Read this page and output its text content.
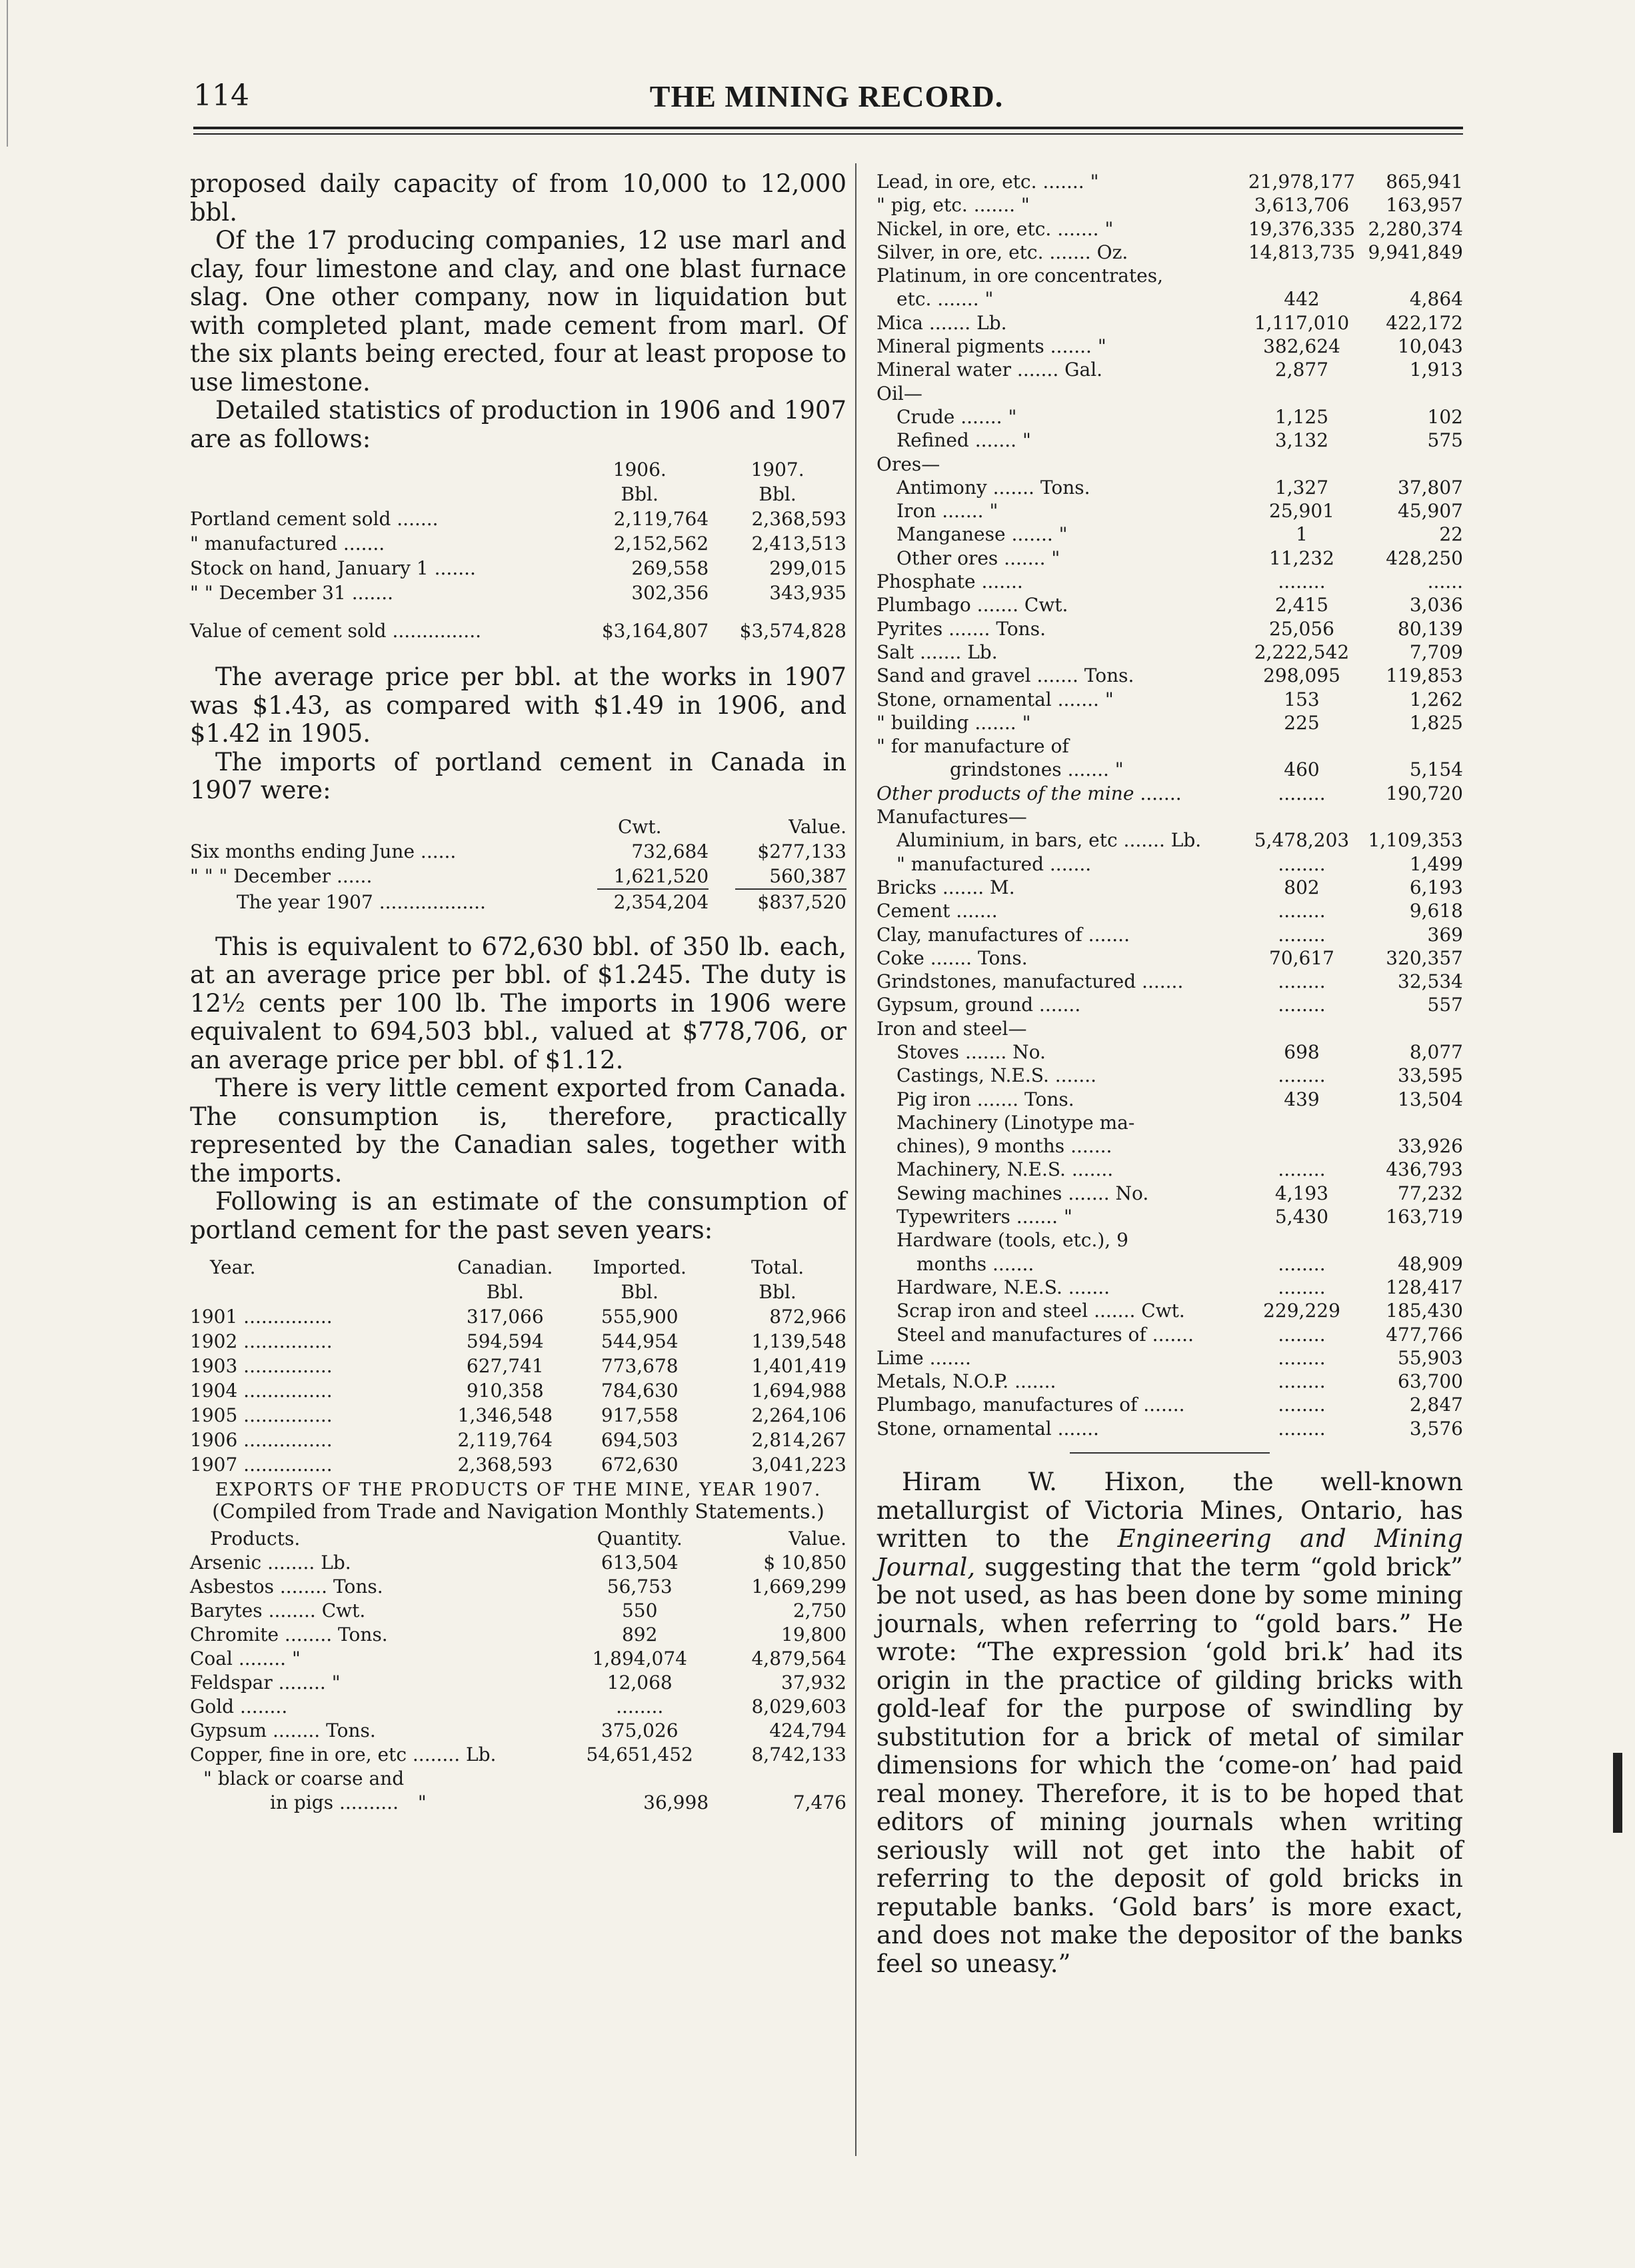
114	THE MINING RECORD.

proposed daily capacity of from 10,000 to 12,000 bbl.

Of the 17 producing companies, 12 use marl and clay, four limestone and clay, and one blast furnace slag. One other company, now in liquidation but with completed plant, made cement from marl. Of the six plants being erected, four at least propose to use limestone.

Detailed statistics of production in 1906 and 1907 are as follows:

	1906.	1907.
	Bbl.	Bbl.
Portland cement sold .......	2,119,764	2,368,593
" manufactured .......	2,152,562	2,413,513
Stock on hand, January 1 .......	269,558	299,015
" " December 31 .......	302,356	343,935

Value of cement sold ...............	$3,164,807	$3,574,828

The average price per bbl. at the works in 1907 was $1.43, as compared with $1.49 in 1906, and $1.42 in 1905.

The imports of portland cement in Canada in 1907 were:

	Cwt.	Value.
Six months ending June ......	732,684	$277,133
" " " December ......	1,621,520	560,387

The year 1907 ..................	2,354,204	$837,520

This is equivalent to 672,630 bbl. of 350 lb. each, at an average price per bbl. of $1.245. The duty is 12½ cents per 100 lb. The imports in 1906 were equivalent to 694,503 bbl., valued at $778,706, or an average price per bbl. of $1.12.

There is very little cement exported from Canada. The consumption is, therefore, practically represented by the Canadian sales, together with the imports.

Following is an estimate of the consumption of portland cement for the past seven years:

Year.	Canadian.	Imported.	Total.
	Bbl.	Bbl.	Bbl.
1901 ...............	317,066	555,900	872,966
1902 ...............	594,594	544,954	1,139,548
1903 ...............	627,741	773,678	1,401,419
1904 ...............	910,358	784,630	1,694,988
1905 ...............	1,346,548	917,558	2,264,106
1906 ...............	2,119,764	694,503	2,814,267
1907 ...............	2,368,593	672,630	3,041,223
EXPORTS OF THE PRODUCTS OF THE MINE, YEAR 1907.
(Compiled from Trade and Navigation Monthly Statements.)
Products.	Quantity.	Value.
Arsenic ........ Lb.	613,504	$ 10,850
Asbestos ........ Tons.	56,753	1,669,299
Barytes ........ Cwt.	550	2,750
Chromite ........ Tons.	892	19,800
Coal ........ "	1,894,074	4,879,564
Feldspar ........ "	12,068	37,932
Gold ........	........	8,029,603
Gypsum ........ Tons.	375,026	424,794
Copper, fine in ore, etc ........ Lb.	54,651,452	8,742,133
" black or coarse and		
in pigs .......... "	36,998	7,476
Lead, in ore, etc. ....... "	21,978,177	865,941
" pig, etc. ....... "	3,613,706	163,957
Nickel, in ore, etc. ....... "	19,376,335	2,280,374
Silver, in ore, etc. ....... Oz.	14,813,735	9,941,849
Platinum, in ore concentrates,		
etc. ....... "	442	4,864
Mica ....... Lb.	1,117,010	422,172
Mineral pigments ....... "	382,624	10,043
Mineral water ....... Gal.	2,877	1,913
Oil—		
Crude ....... "	1,125	102
Refined ....... "	3,132	575
Ores—		
Antimony ....... Tons.	1,327	37,807
Iron ....... "	25,901	45,907
Manganese ....... "	1	22
Other ores ....... "	11,232	428,250
Phosphate .......	........	......
Plumbago ....... Cwt.	2,415	3,036
Pyrites ....... Tons.	25,056	80,139
Salt ....... Lb.	2,222,542	7,709
Sand and gravel ....... Tons.	298,095	119,853
Stone, ornamental ....... "	153	1,262
" building ....... "	225	1,825
" for manufacture of		
grindstones ....... "	460	5,154
Other products of the mine .......	........	190,720
Manufactures—		
Aluminium, in bars, etc ....... Lb.	5,478,203	1,109,353
" manufactured .......	........	1,499
Bricks ....... M.	802	6,193
Cement .......	........	9,618
Clay, manufactures of .......	........	369
Coke ....... Tons.	70,617	320,357
Grindstones, manufactured .......	........	32,534
Gypsum, ground .......	........	557
Iron and steel—		
Stoves ....... No.	698	8,077
Castings, N.E.S. .......	........	33,595
Pig iron ....... Tons.	439	13,504
Machinery (Linotype ma-		
chines), 9 months .......		33,926
Machinery, N.E.S. .......	........	436,793
Sewing machines ....... No.	4,193	77,232
Typewriters ....... "	5,430	163,719
Hardware (tools, etc.), 9		
months .......	........	48,909
Hardware, N.E.S. .......	........	128,417
Scrap iron and steel ....... Cwt.	229,229	185,430
Steel and manufactures of .......	........	477,766
Lime .......	........	55,903
Metals, N.O.P. .......	........	63,700
Plumbago, manufactures of .......	........	2,847
Stone, ornamental .......	........	3,576

Hiram W. Hixon, the well-known metallurgist of Victoria Mines, Ontario, has written to the Engineering and Mining Journal, suggesting that the term “gold brick” be not used, as has been done by some mining journals, when referring to “gold bars.” He wrote: “The expression ‘gold bri.k’ had its origin in the practice of gilding bricks with gold-leaf for the purpose of swindling by substitution for a brick of metal of similar dimensions for which the ‘come-on’ had paid real money. Therefore, it is to be hoped that editors of mining journals when writing seriously will not get into the habit of referring to the deposit of gold bricks in reputable banks. ‘Gold bars’ is more exact, and does not make the depositor of the banks feel so uneasy.”
